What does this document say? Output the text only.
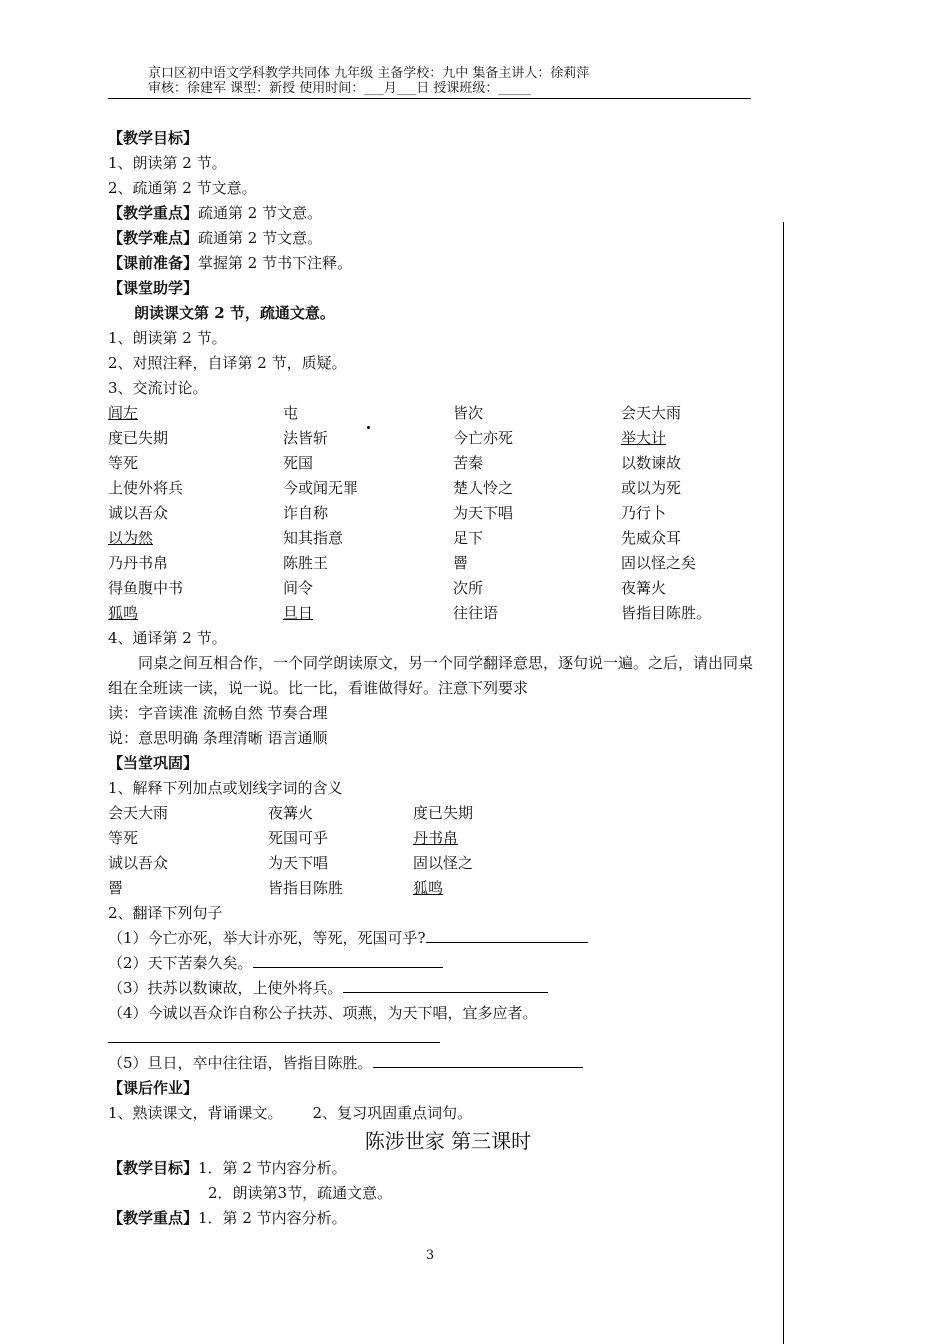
京口区初中语文学科教学共同体 九年级 主备学校：九中 集备主讲人：徐莉萍
审核：徐建军 课型：新授 使用时间：___月___日 授课班级：_____
【教学目标】
1、朗读第 2 节。
2、疏通第 2 节文意。
【教学重点】疏通第 2 节文意。
【教学难点】疏通第 2 节文意。
【课前准备】掌握第 2 节书下注释。
【课堂助学】
朗读课文第 2 节，疏通文意。
1、朗读第 2 节。
2、对照注释，自译第 2 节，质疑。
3、交流讨论。
闾左	屯	皆次	会天大雨
度已失期	法皆斩	今亡亦死	举大计
等死	死国	苦秦	以数谏故
上使外将兵	今或闻无罪	楚人怜之	或以为死
诚以吾众	诈自称	为天下唱	乃行卜
以为然	知其指意	足下	先威众耳
乃丹书帛	陈胜王	罾	固以怪之矣
得鱼腹中书	间令	次所	夜篝火
狐鸣	旦日	往往语	皆指目陈胜。
4、通译第 2 节。
同桌之间互相合作，一个同学朗读原文，另一个同学翻译意思，逐句说一遍。之后，请出同桌组在全班读一读，说一说。比一比，看谁做得好。注意下列要求
读：字音读准 流畅自然 节奏合理
说：意思明确 条理清晰 语言通顺
【当堂巩固】
1、解释下列加点或划线字词的含义
会天大雨	夜篝火	度已失期
等死	死国可乎	丹书帛
诚以吾众	为天下唱	固以怪之
罾	皆指目陈胜	狐鸣
2、翻译下列句子
（1）今亡亦死，举大计亦死，等死，死国可乎?
（2）天下苦秦久矣。
（3）扶苏以数谏故，上使外将兵。
（4）今诚以吾众诈自称公子扶苏、项燕，为天下唱，宜多应者。
（5）旦日，卒中往往语，皆指目陈胜。
【课后作业】
1、熟读课文，背诵课文。 2、复习巩固重点词句。
陈涉世家 第三课时
【教学目标】1．第 2 节内容分析。
2．朗读第3节，疏通文意。
【教学重点】1．第 2 节内容分析。
3
